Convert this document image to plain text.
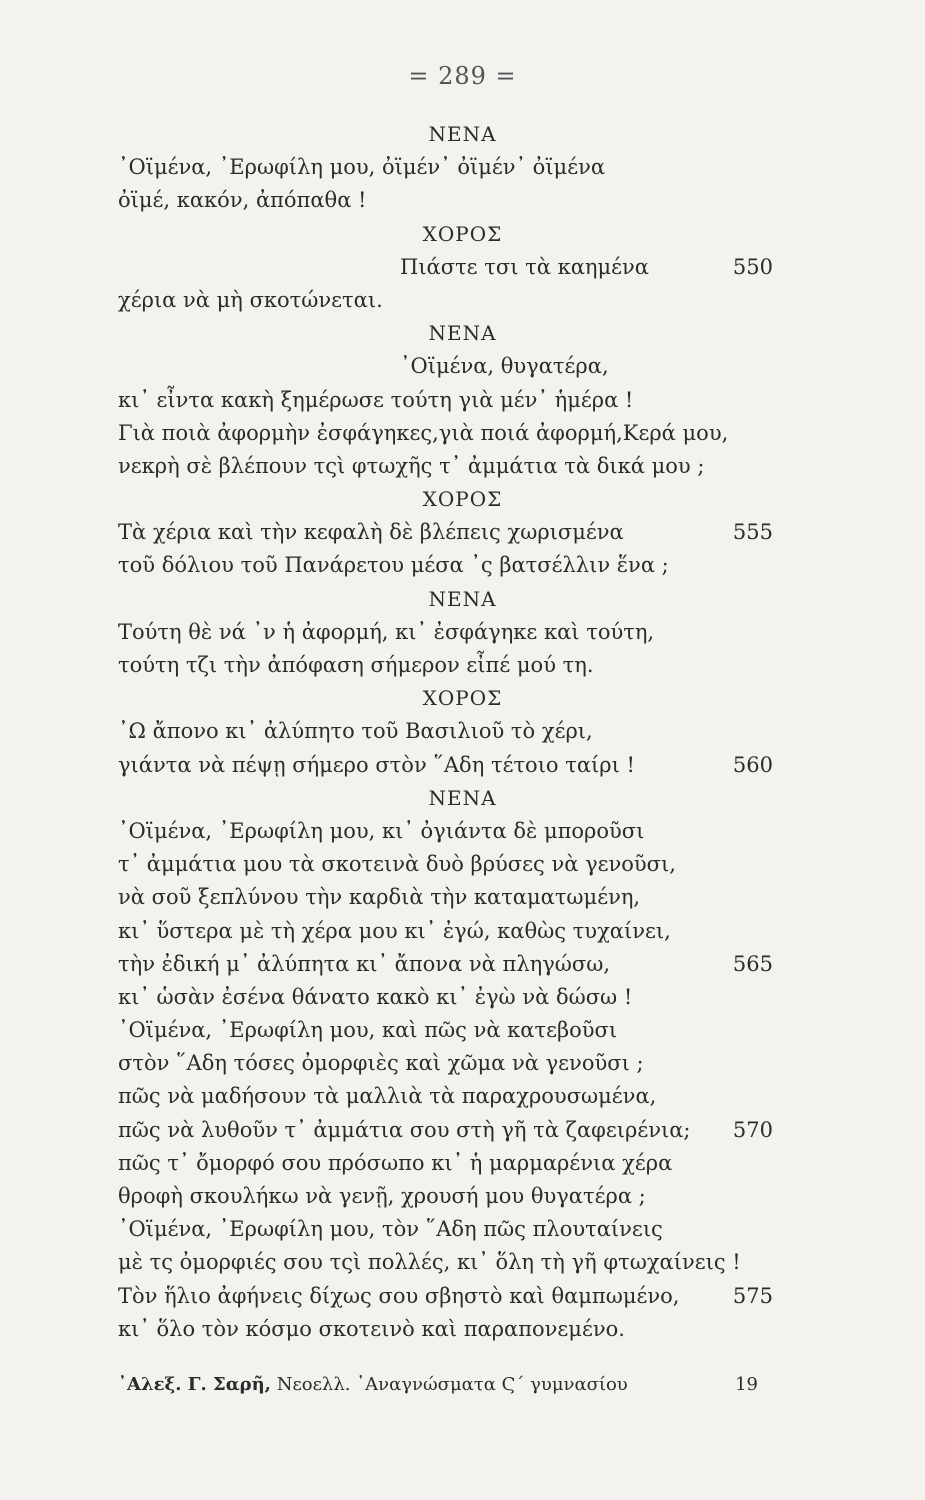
= 289 =
ΝΕΝΑ
᾿Οϊμένα, ᾿Ερωφίλη μου, ὀϊμέν᾿ ὀϊμέν᾿ ὀϊμένα
ὀϊμέ, κακόν, ἀπόπαθα !
ΧΟΡΟΣ
Πιάστε τσι τὰ καημένα	550
χέρια νὰ μὴ σκοτώνεται.
ΝΕΝΑ
᾿Οϊμένα, θυγατέρα,
κι᾿ εἶντα κακὴ ξημέρωσε τούτη γιὰ μέν᾿ ἡμέρα !
Γιὰ ποιὰ ἀφορμὴν ἐσφάγηκες,γιὰ ποιά ἀφορμή,Κερά μου,
νεκρὴ σὲ βλέπουν τςὶ φτωχῆς τ᾿ ἀμμάτια τὰ δικά μου ;
ΧΟΡΟΣ
Τὰ χέρια καὶ τὴν κεφαλὴ δὲ βλέπεις χωρισμένα	555
τοῦ δόλιου τοῦ Πανάρετου μέσα ᾿ς βατσέλλιν ἕνα ;
ΝΕΝΑ
Τούτη θὲ νά ᾿ν ἡ ἀφορμή, κι᾿ ἐσφάγηκε καὶ τούτη,
τούτη τζι τὴν ἀπόφαση σήμερον εἶπέ μού τη.
ΧΟΡΟΣ
᾿Ω ἄπονο κι᾿ ἀλύπητο τοῦ Βασιλιοῦ τὸ χέρι,
γιάντα νὰ πέψῃ σήμερο στὸν ῞Αδη τέτοιο ταίρι !	560
ΝΕΝΑ
᾿Οϊμένα, ᾿Ερωφίλη μου, κι᾿ ὀγιάντα δὲ μποροῦσι
τ᾿ ἀμμάτια μου τὰ σκοτεινὰ δυὸ βρύσες νὰ γενοῦσι,
νὰ σοῦ ξεπλύνου τὴν καρδιὰ τὴν καταματωμένη,
κι᾿ ὕστερα μὲ τὴ χέρα μου κι᾿ ἐγώ, καθὼς τυχαίνει,
τὴν ἐδική μ᾿ ἀλύπητα κι᾿ ἄπονα νὰ πληγώσω,	565
κι᾿ ὡσὰν ἐσένα θάνατο κακὸ κι᾿ ἐγὼ νὰ δώσω !
᾿Οϊμένα, ᾿Ερωφίλη μου, καὶ πῶς νὰ κατεβοῦσι
στὸν ῞Αδη τόσες ὀμορφιὲς καὶ χῶμα νὰ γενοῦσι ;
πῶς νὰ μαδήσουν τὰ μαλλιὰ τὰ παραχρουσωμένα,
πῶς νὰ λυθοῦν τ᾿ ἀμμάτια σου στὴ γῆ τὰ ζαφειρένια; 570
πῶς τ᾿ ὄμορφό σου πρόσωπο κι᾿ ἡ μαρμαρένια χέρα
θροφὴ σκουλήκω νὰ γενῇ, χρουσή μου θυγατέρα ;
᾿Οϊμένα, ᾿Ερωφίλη μου, τὸν ῞Αδη πῶς πλουταίνεις
μὲ τς ὀμορφιές σου τςὶ πολλές, κι᾿ ὅλη τὴ γῆ φτωχαίνεις !
Τὸν ἥλιο ἀφήνεις δίχως σου σβηστὸ καὶ θαμπωμένο,	575
κι᾿ ὅλο τὸν κόσμο σκοτεινὸ καὶ παραπονεμένο.
᾿Αλεξ. Γ. Σαρῆ, Νεοελλ. ᾿Αναγνώσματα Ϛ΄ γυμνασίου	19
